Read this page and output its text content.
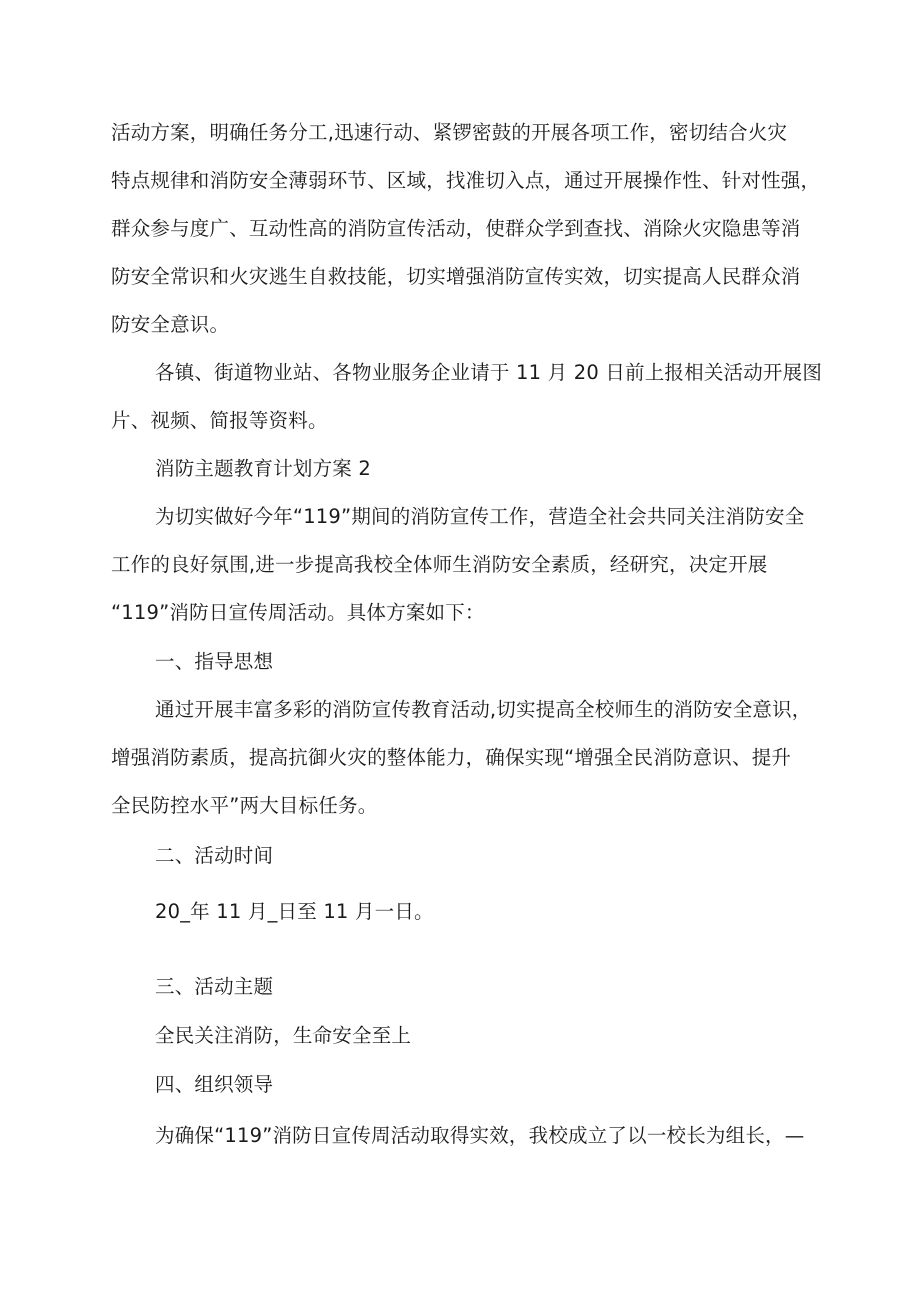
活动方案，明确任务分工,迅速行动、紧锣密鼓的开展各项工作，密切结合火灾
特点规律和消防安全薄弱环节、区域，找准切入点，通过开展操作性、针对性强，
群众参与度广、互动性高的消防宣传活动，使群众学到查找、消除火灾隐患等消
防安全常识和火灾逃生自救技能，切实增强消防宣传实效，切实提高人民群众消
防安全意识。
各镇、街道物业站、各物业服务企业请于 11 月 20 日前上报相关活动开展图
片、视频、简报等资料。
消防主题教育计划方案 2
为切实做好今年“119”期间的消防宣传工作，营造全社会共同关注消防安全
工作的良好氛围,进一步提高我校全体师生消防安全素质，经研究，决定开展
“119”消防日宣传周活动。具体方案如下：
一、指导思想
通过开展丰富多彩的消防宣传教育活动,切实提高全校师生的消防安全意识，
增强消防素质，提高抗御火灾的整体能力，确保实现“增强全民消防意识、提升
全民防控水平”两大目标任务。
二、活动时间
20_年 11 月_日至 11 月一日。
三、活动主题
全民关注消防，生命安全至上
四、组织领导
为确保“119”消防日宣传周活动取得实效，我校成立了以一校长为组长，—
